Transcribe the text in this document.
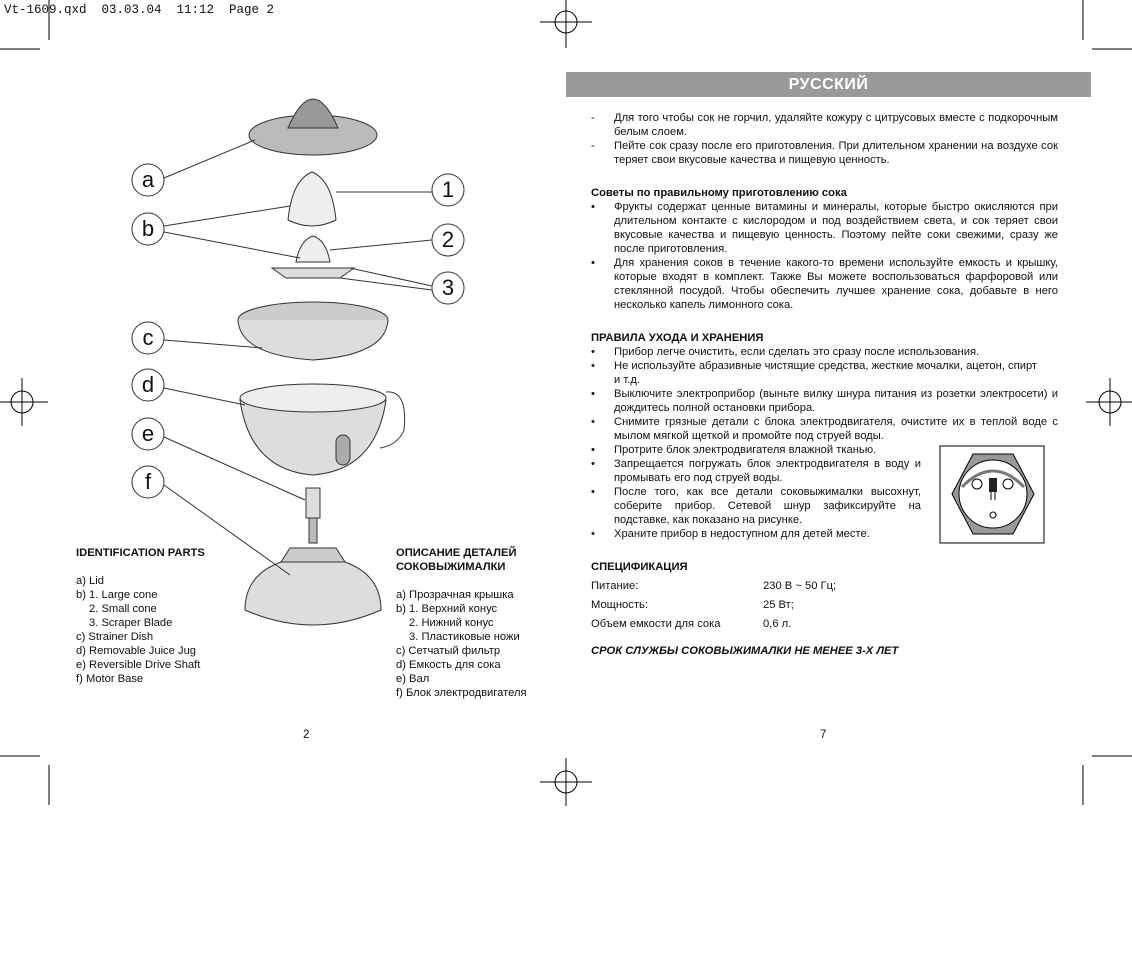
Vt-1609.qxd  03.03.04  11:12  Page 2
a
b
c
d
e
f
1
2
3
IDENTIFICATION PARTS
a) Lid
b) 1. Large cone
2. Small cone
3. Scraper Blade
c) Strainer Dish
d) Removable Juice Jug
e) Reversible Drive Shaft
f) Motor Base
ОПИСАНИЕ ДЕТАЛЕЙ
СОКОВЫЖИМАЛКИ
a) Прозрачная крышка
b) 1. Верхний конус
2. Нижний конус
3. Пластиковые ножи
c) Сетчатый фильтр
d) Емкость для сока
e) Вал
f) Блок электродвигателя
2	7
РУССКИЙ
- Для того чтобы сок не горчил, удаляйте кожуру с цитрусовых вместе с подкорочным белым слоем.
- Пейте сок сразу после его приготовления. При длительном хранении на воздухе сок теряет свои вкусовые качества и пищевую ценность.
Советы по правильному приготовлению сока
• Фрукты содержат ценные витамины и минералы, которые быстро окисляются при длительном контакте с кислородом и под воздействием света, и сок теряет свои вкусовые качества и пищевую ценность. Поэтому пейте соки свежими, сразу же после приготовления.
• Для хранения соков в течение какого-то времени используйте емкость и крышку, которые входят в комплект. Также Вы можете воспользоваться фарфоровой или стеклянной посудой. Чтобы обеспечить лучшее хранение сока, добавьте в него несколько капель лимонного сока.
ПРАВИЛА УХОДА И ХРАНЕНИЯ
• Прибор легче очистить, если сделать это сразу после использования.
• Не используйте абразивные чистящие средства, жесткие мочалки, ацетон, спирт и т.д.
• Выключите электроприбор (выньте вилку шнура питания из розетки электросети) и дождитесь полной остановки прибора.
• Снимите грязные детали с блока электродвигателя, очистите их в теплой воде с мылом мягкой щеткой и промойте под струей воды.
• Протрите блок электродвигателя влажной тканью.
• Запрещается погружать блок электродвигателя в воду и промывать его под струей воды.
• После того, как все детали соковыжималки высохнут, соберите прибор. Сетевой шнур зафиксируйте на подставке, как показано на рисунке.
• Храните прибор в недоступном для детей месте.
СПЕЦИФИКАЦИЯ
Питание:	230 В ~ 50 Гц;
Мощность:	25 Вт;
Объем емкости для сока	0,6 л.
СРОК СЛУЖБЫ СОКОВЫЖИМАЛКИ НЕ МЕНЕЕ 3-Х ЛЕТ
